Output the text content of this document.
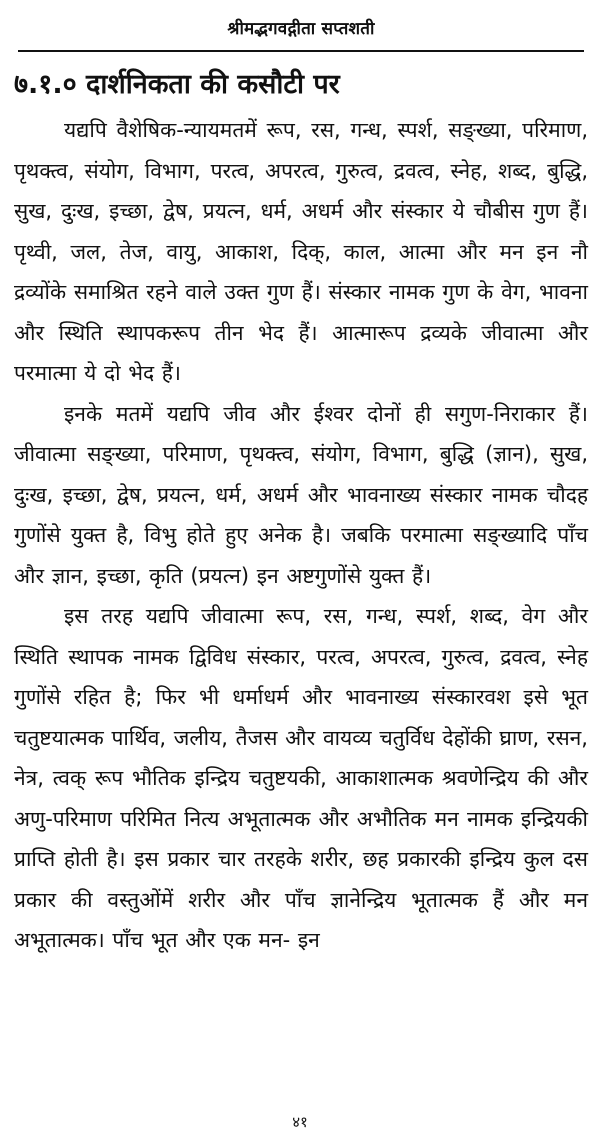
श्रीमद्भगवद्गीता सप्तशती
७.१.० दार्शनिकता की कसौटी पर

यद्यपि वैशेषिक-न्यायमतमें रूप, रस, गन्ध, स्पर्श, सङ्ख्या, परिमाण, पृथक्त्व, संयोग, विभाग, परत्व, अपरत्व, गुरुत्व, द्रवत्व, स्नेह, शब्द, बुद्धि, सुख, दुःख, इच्छा, द्वेष, प्रयत्न, धर्म, अधर्म और संस्कार ये चौबीस गुण हैं। पृथ्वी, जल, तेज, वायु, आकाश, दिक्, काल, आत्मा और मन इन नौ द्रव्योंके समाश्रित रहने वाले उक्त गुण हैं। संस्कार नामक गुण के वेग, भावना और स्थिति स्थापकरूप तीन भेद हैं। आत्मारूप द्रव्यके जीवात्मा और परमात्मा ये दो भेद हैं।

इनके मतमें यद्यपि जीव और ईश्वर दोनों ही सगुण-निराकार हैं। जीवात्मा सङ्ख्या, परिमाण, पृथक्त्व, संयोग, विभाग, बुद्धि (ज्ञान), सुख, दुःख, इच्छा, द्वेष, प्रयत्न, धर्म, अधर्म और भावनाख्य संस्कार नामक चौदह गुणोंसे युक्त है, विभु होते हुए अनेक है। जबकि परमात्मा सङ्ख्यादि पाँच और ज्ञान, इच्छा, कृति (प्रयत्न) इन अष्टगुणोंसे युक्त हैं।

इस तरह यद्यपि जीवात्मा रूप, रस, गन्ध, स्पर्श, शब्द, वेग और स्थिति स्थापक नामक द्विविध संस्कार, परत्व, अपरत्व, गुरुत्व, द्रवत्व, स्नेह गुणोंसे रहित है; फिर भी धर्माधर्म और भावनाख्य संस्कारवश इसे भूत चतुष्टयात्मक पार्थिव, जलीय, तैजस और वायव्य चतुर्विध देहोंकी घ्राण, रसन, नेत्र, त्वक् रूप भौतिक इन्द्रिय चतुष्टयकी, आकाशात्मक श्रवणेन्द्रिय की और अणु-परिमाण परिमित नित्य अभूतात्मक और अभौतिक मन नामक इन्द्रियकी प्राप्ति होती है। इस प्रकार चार तरहके शरीर, छह प्रकारकी इन्द्रिय कुल दस प्रकार की वस्तुओंमें शरीर और पाँच ज्ञानेन्द्रिय भूतात्मक हैं और मन अभूतात्मक। पाँच भूत और एक मन- इन

४१
